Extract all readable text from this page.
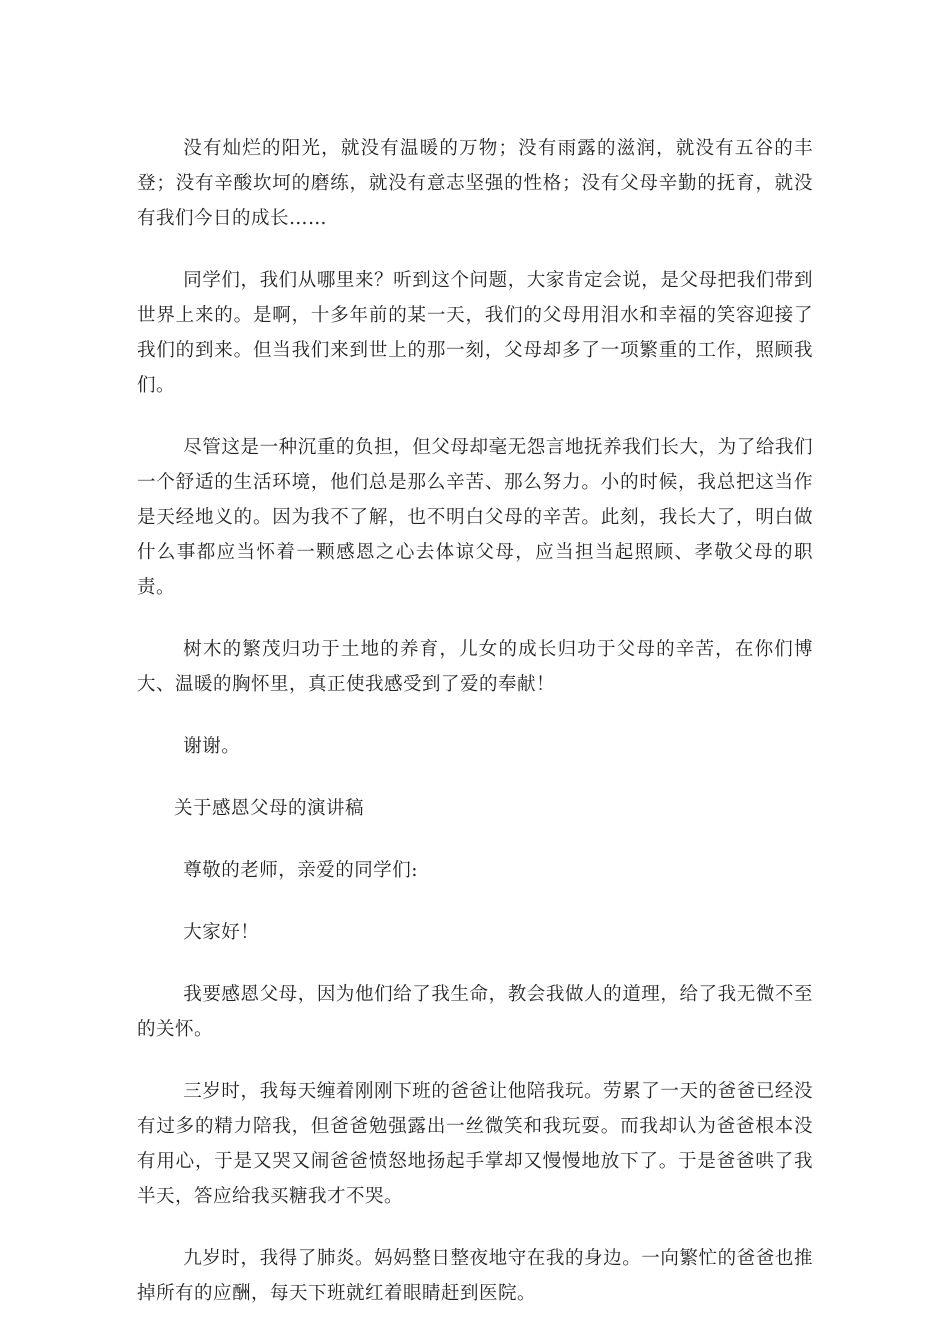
没有灿烂的阳光，就没有温暖的万物；没有雨露的滋润，就没有五谷的丰登；没有辛酸坎坷的磨练，就没有意志坚强的性格；没有父母辛勤的抚育，就没有我们今日的成长……

同学们，我们从哪里来？听到这个问题，大家肯定会说，是父母把我们带到世界上来的。是啊，十多年前的某一天，我们的父母用泪水和幸福的笑容迎接了我们的到来。但当我们来到世上的那一刻，父母却多了一项繁重的工作，照顾我们。

尽管这是一种沉重的负担，但父母却毫无怨言地抚养我们长大，为了给我们一个舒适的生活环境，他们总是那么辛苦、那么努力。小的时候，我总把这当作是天经地义的。因为我不了解，也不明白父母的辛苦。此刻，我长大了，明白做什么事都应当怀着一颗感恩之心去体谅父母，应当担当起照顾、孝敬父母的职责。

树木的繁茂归功于土地的养育，儿女的成长归功于父母的辛苦，在你们博大、温暖的胸怀里，真正使我感受到了爱的奉献！

谢谢。

关于感恩父母的演讲稿

尊敬的老师，亲爱的同学们:

大家好！

我要感恩父母，因为他们给了我生命，教会我做人的道理，给了我无微不至的关怀。

三岁时，我每天缠着刚刚下班的爸爸让他陪我玩。劳累了一天的爸爸已经没有过多的精力陪我，但爸爸勉强露出一丝微笑和我玩耍。而我却认为爸爸根本没有用心，于是又哭又闹爸爸愤怒地扬起手掌却又慢慢地放下了。于是爸爸哄了我半天，答应给我买糖我才不哭。

九岁时，我得了肺炎。妈妈整日整夜地守在我的身边。一向繁忙的爸爸也推掉所有的应酬，每天下班就红着眼睛赶到医院。
